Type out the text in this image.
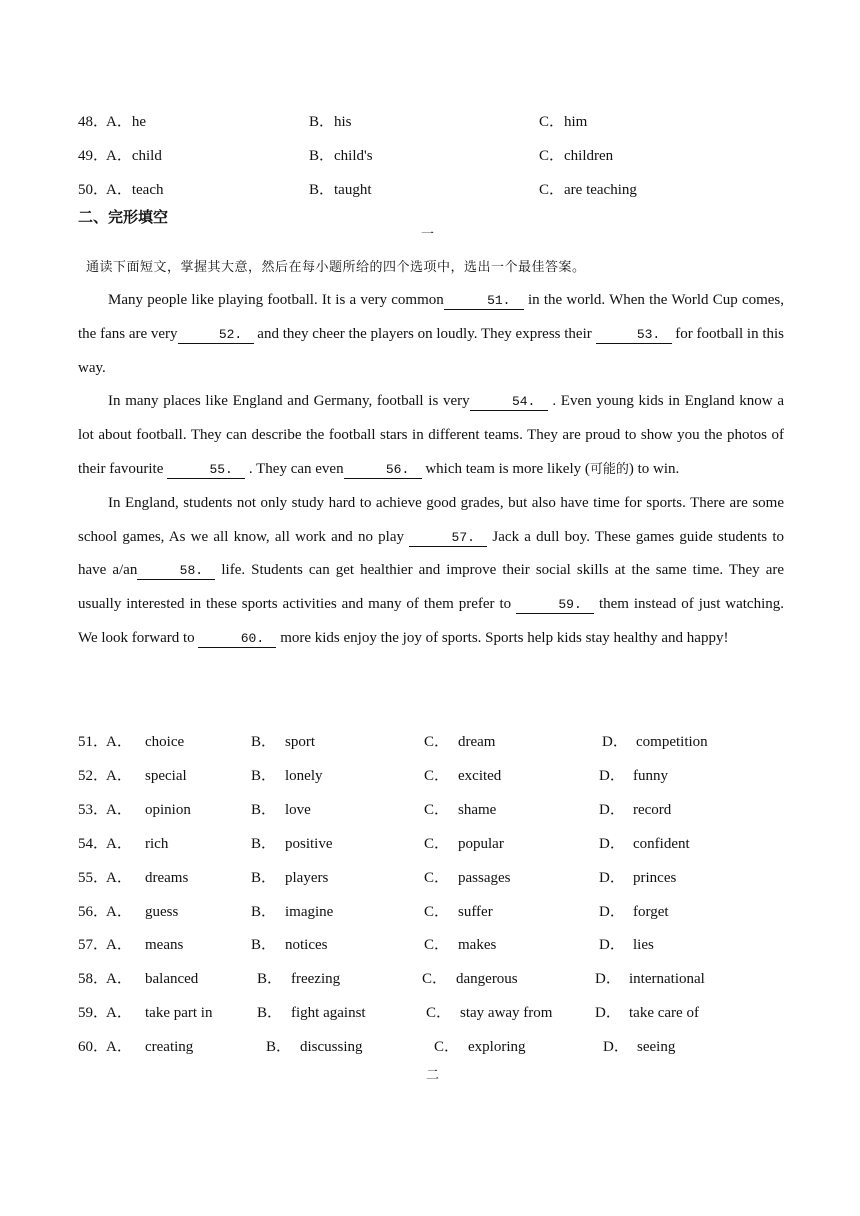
48．
A．he	B．his	C．him
49．
A．child	B．child's	C．children
50．
A．teach	B．taught	C．are teaching
二、完形填空
一
通读下面短文，掌握其大意，然后在每小题所给的四个选项中，选出一个最佳答案。

Many people like playing football. It is a very common	51. in the world. When the World Cup comes, the fans are very	52. and they cheer the players on loudly. They express their	53. for football in this way.

In many places like England and Germany, football is very	54. . Even young kids in England know a lot about football. They can describe the football stars in different teams. They are proud to show you the photos of their favourite	55. . They can even	56. which team is more likely (可能的) to win.

In England, students not only study hard to achieve good grades, but also have time for sports. There are some school games, As we all know, all work and no play	57. Jack a dull boy. These games guide students to have a/an	58. life. Students can get healthier and improve their social skills at the same time. They are usually interested in these sports activities and many of them prefer to	59. them instead of just watching. We look forward to	60. more kids enjoy the joy of sports. Sports help kids stay healthy and happy!

51．
A． choice	B． sport	C． dream	D． competition
52．
A． special	B． lonely	C． excited	D． funny
53．
A． opinion	B． love	C． shame	D． record
54．
A． rich	B． positive	C． popular	D． confident
55．
A． dreams	B． players	C． passages	D． princes
56．
A． guess	B． imagine	C． suffer	D． forget
57．
A． means	B． notices	C． makes	D． lies
58．
A． balanced	B． freezing	C． dangerous	D． international
59．
A． take part in	B． fight against	C． stay away from	D． take care of
60．
A． creating	B． discussing	C． exploring	D． seeing
二
